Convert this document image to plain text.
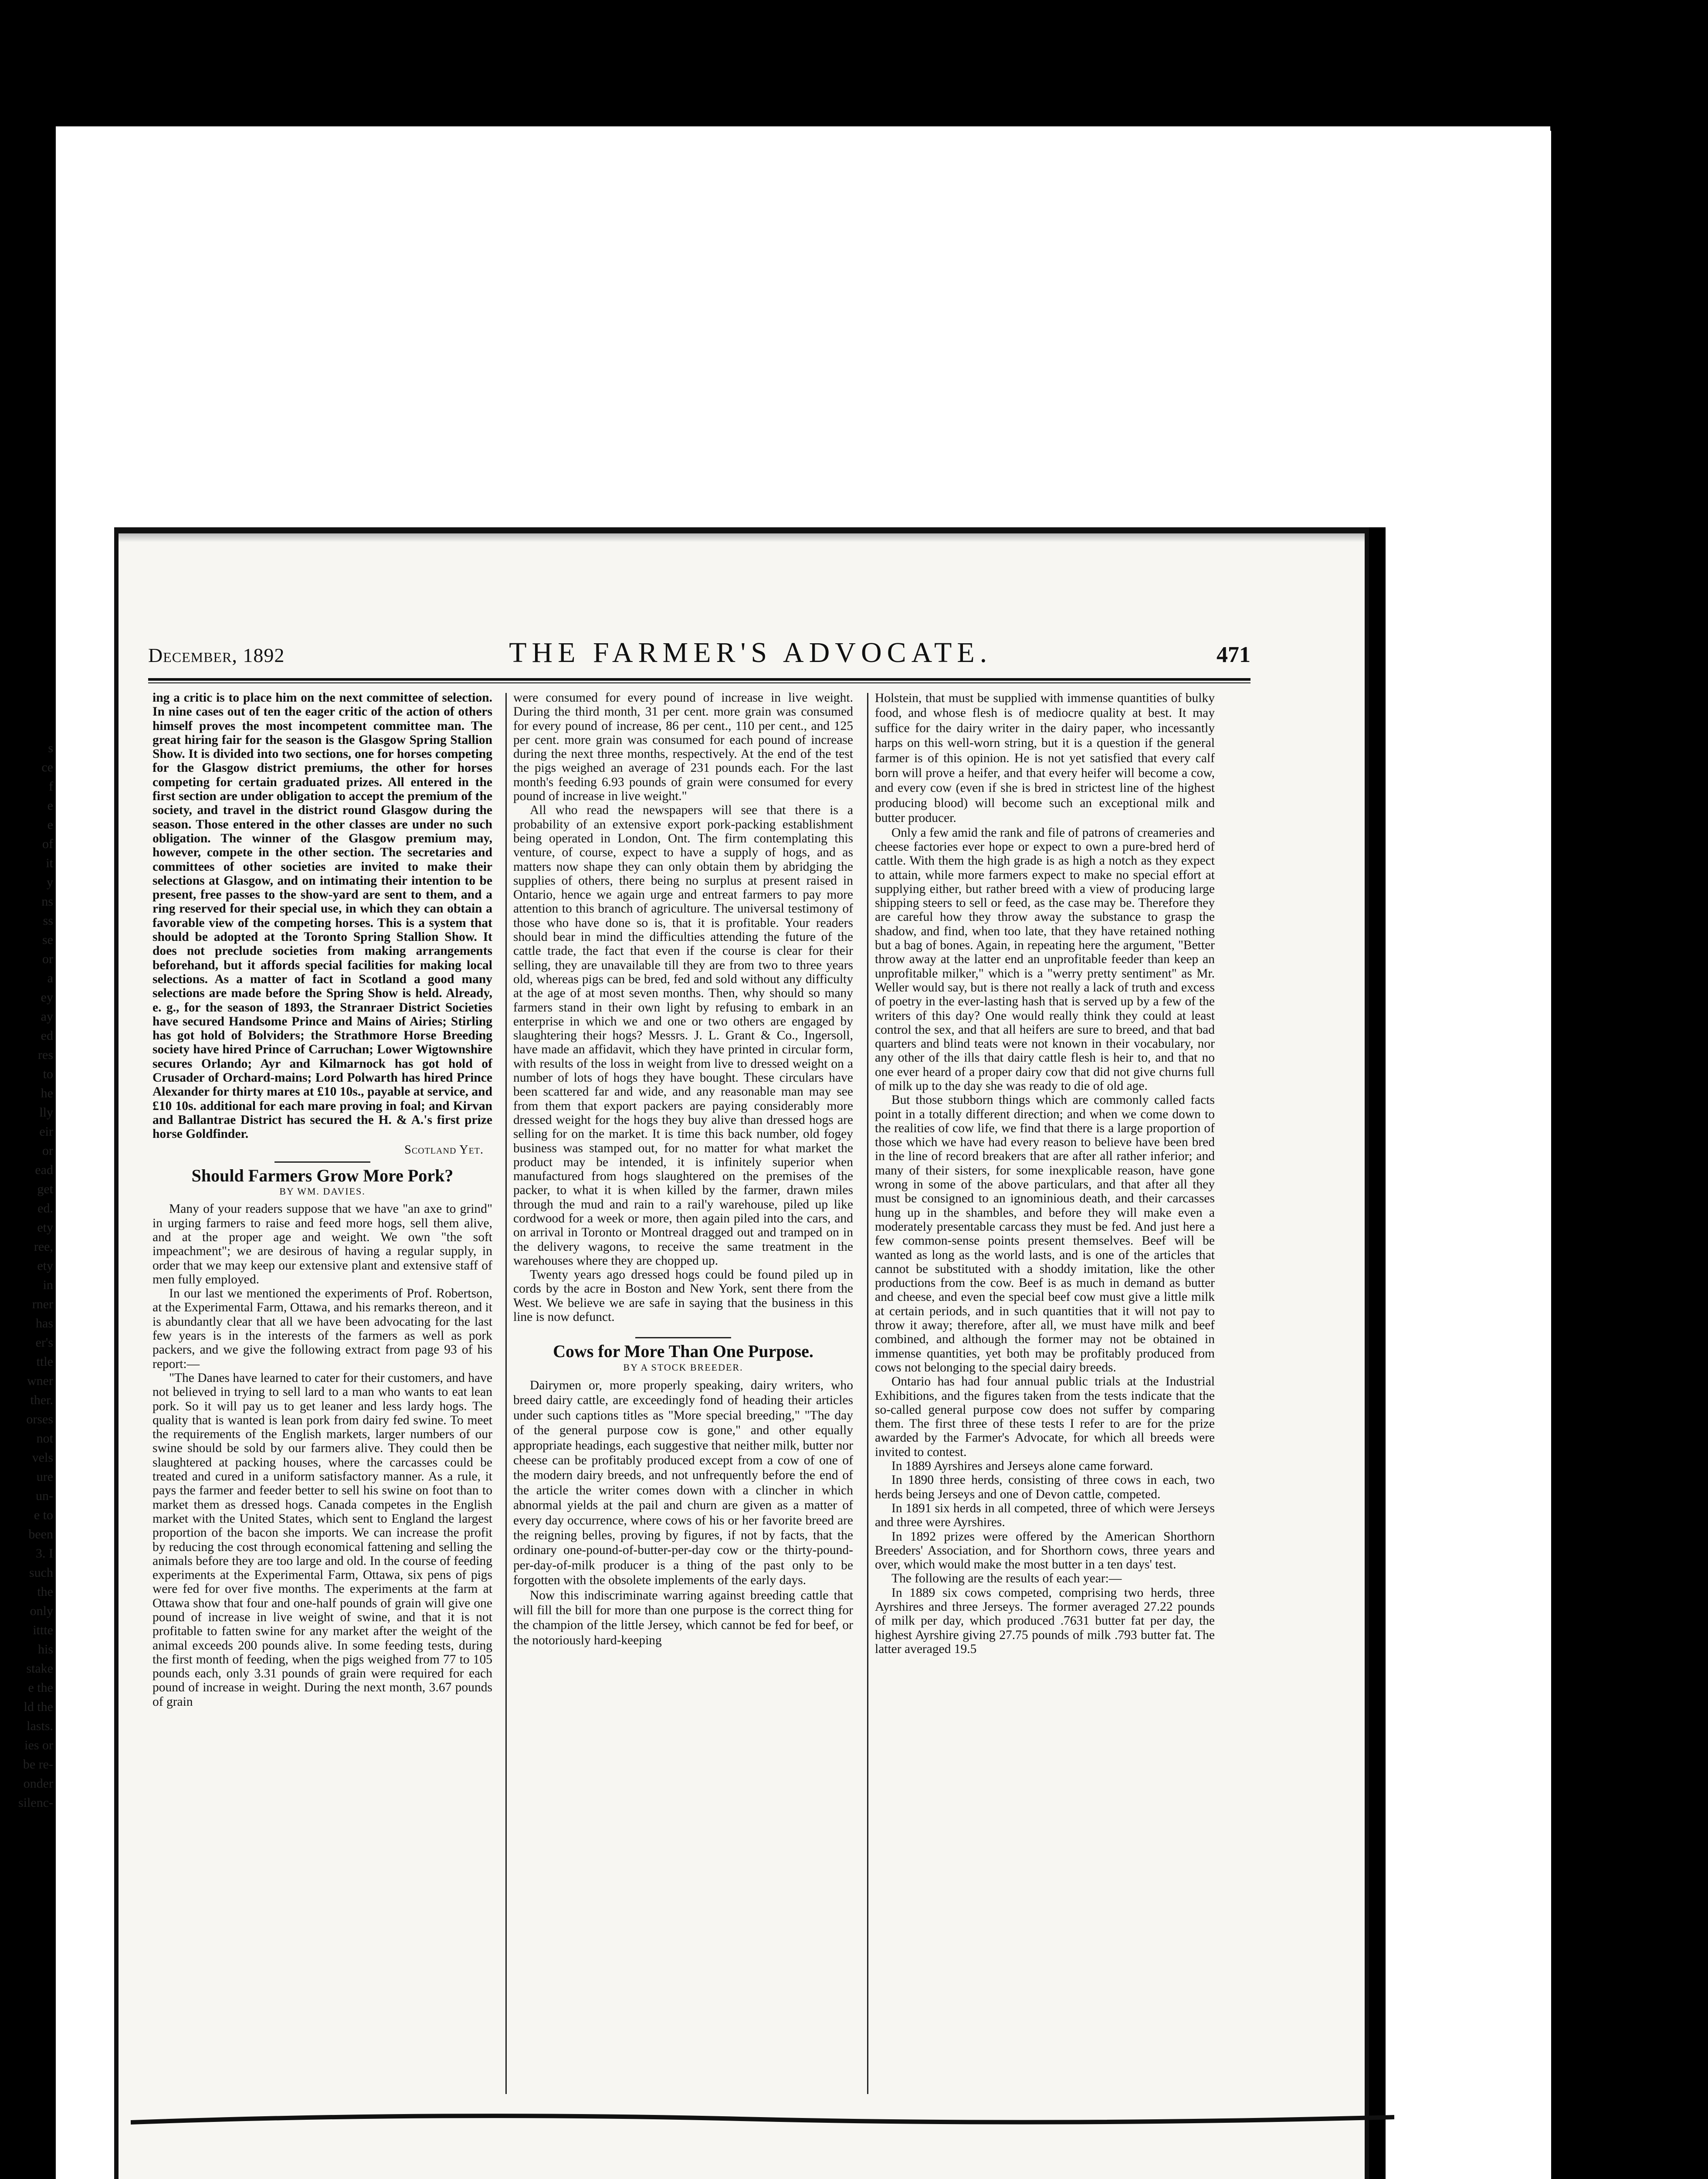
s
ce
f
e
e
of
it
y
ns
ss
se
or
a
ey
ay
ed
res
to
he
lly
eir
or
ead
get
ed.
ety
ree,
ety
in
rner
has
er's
ttle
wner
ther.
orses
not
vels
ure
un-
e to
been
3. I
such
the
only
ittte
his
stake
e the
ld the
lasts.
ies or
be re-
onder
silenc-
December, 1892	THE FARMER'S ADVOCATE.	471

ing a critic is to place him on the next committee of selection. In nine cases out of ten the eager critic of the action of others himself proves the most incompetent committee man. The great hiring fair for the season is the Glasgow Spring Stallion Show. It is divided into two sections, one for horses competing for the Glasgow district premiums, the other for horses competing for certain graduated prizes. All entered in the first section are under obligation to accept the premium of the society, and travel in the district round Glasgow during the season. Those entered in the other classes are under no such obligation. The winner of the Glasgow premium may, however, compete in the other section. The secretaries and committees of other societies are invited to make their selections at Glasgow, and on intimating their intention to be present, free passes to the show-yard are sent to them, and a ring reserved for their special use, in which they can obtain a favorable view of the competing horses. This is a system that should be adopted at the Toronto Spring Stallion Show. It does not preclude societies from making arrangements beforehand, but it affords special facilities for making local selections. As a matter of fact in Scotland a good many selections are made before the Spring Show is held. Already, e. g., for the season of 1893, the Stranraer District Societies have secured Handsome Prince and Mains of Airies; Stirling has got hold of Bolviders; the Strathmore Horse Breeding society have hired Prince of Carruchan; Lower Wigtownshire secures Orlando; Ayr and Kilmarnock has got hold of Crusader of Orchard-mains; Lord Polwarth has hired Prince Alexander for thirty mares at £10 10s., payable at service, and £10 10s. additional for each mare proving in foal; and Kirvan and Ballantrae District has secured the H. & A.'s first prize horse Goldfinder.

Scotland Yet.
Should Farmers Grow More Pork?
BY WM. DAVIES.

Many of your readers suppose that we have "an axe to grind" in urging farmers to raise and feed more hogs, sell them alive, and at the proper age and weight. We own "the soft impeachment"; we are desirous of having a regular supply, in order that we may keep our extensive plant and extensive staff of men fully employed.

In our last we mentioned the experiments of Prof. Robertson, at the Experimental Farm, Ottawa, and his remarks thereon, and it is abundantly clear that all we have been advocating for the last few years is in the interests of the farmers as well as pork packers, and we give the following extract from page 93 of his report:—

"The Danes have learned to cater for their customers, and have not believed in trying to sell lard to a man who wants to eat lean pork. So it will pay us to get leaner and less lardy hogs. The quality that is wanted is lean pork from dairy fed swine. To meet the requirements of the English markets, larger numbers of our swine should be sold by our farmers alive. They could then be slaughtered at packing houses, where the carcasses could be treated and cured in a uniform satisfactory manner. As a rule, it pays the farmer and feeder better to sell his swine on foot than to market them as dressed hogs. Canada competes in the English market with the United States, which sent to England the largest proportion of the bacon she imports. We can increase the profit by reducing the cost through economical fattening and selling the animals before they are too large and old. In the course of feeding experiments at the Experimental Farm, Ottawa, six pens of pigs were fed for over five months. The experiments at the farm at Ottawa show that four and one-half pounds of grain will give one pound of increase in live weight of swine, and that it is not profitable to fatten swine for any market after the weight of the animal exceeds 200 pounds alive. In some feeding tests, during the first month of feeding, when the pigs weighed from 77 to 105 pounds each, only 3.31 pounds of grain were required for each pound of increase in weight. During the next month, 3.67 pounds of grain

were consumed for every pound of increase in live weight. During the third month, 31 per cent. more grain was consumed for every pound of increase, 86 per cent., 110 per cent., and 125 per cent. more grain was consumed for each pound of increase during the next three months, respectively. At the end of the test the pigs weighed an average of 231 pounds each. For the last month's feeding 6.93 pounds of grain were consumed for every pound of increase in live weight."

All who read the newspapers will see that there is a probability of an extensive export pork-packing establishment being operated in London, Ont. The firm contemplating this venture, of course, expect to have a supply of hogs, and as matters now shape they can only obtain them by abridging the supplies of others, there being no surplus at present raised in Ontario, hence we again urge and entreat farmers to pay more attention to this branch of agriculture. The universal testimony of those who have done so is, that it is profitable. Your readers should bear in mind the difficulties attending the future of the cattle trade, the fact that even if the course is clear for their selling, they are unavailable till they are from two to three years old, whereas pigs can be bred, fed and sold without any difficulty at the age of at most seven months. Then, why should so many farmers stand in their own light by refusing to embark in an enterprise in which we and one or two others are engaged by slaughtering their hogs? Messrs. J. L. Grant & Co., Ingersoll, have made an affidavit, which they have printed in circular form, with results of the loss in weight from live to dressed weight on a number of lots of hogs they have bought. These circulars have been scattered far and wide, and any reasonable man may see from them that export packers are paying considerably more dressed weight for the hogs they buy alive than dressed hogs are selling for on the market. It is time this back number, old fogey business was stamped out, for no matter for what market the product may be intended, it is infinitely superior when manufactured from hogs slaughtered on the premises of the packer, to what it is when killed by the farmer, drawn miles through the mud and rain to a rail'y warehouse, piled up like cordwood for a week or more, then again piled into the cars, and on arrival in Toronto or Montreal dragged out and tramped on in the delivery wagons, to receive the same treatment in the warehouses where they are chopped up.

Twenty years ago dressed hogs could be found piled up in cords by the acre in Boston and New York, sent there from the West. We believe we are safe in saying that the business in this line is now defunct.

Cows for More Than One Purpose.
BY A STOCK BREEDER.

Dairymen or, more properly speaking, dairy writers, who breed dairy cattle, are exceedingly fond of heading their articles under such captions titles as "More special breeding," "The day of the general purpose cow is gone," and other equally appropriate headings, each suggestive that neither milk, butter nor cheese can be profitably produced except from a cow of one of the modern dairy breeds, and not unfrequently before the end of the article the writer comes down with a clincher in which abnormal yields at the pail and churn are given as a matter of every day occurrence, where cows of his or her favorite breed are the reigning belles, proving by figures, if not by facts, that the ordinary one-pound-of-butter-per-day cow or the thirty-pound-per-day-of-milk producer is a thing of the past only to be forgotten with the obsolete implements of the early days.

Now this indiscriminate warring against breeding cattle that will fill the bill for more than one purpose is the correct thing for the champion of the little Jersey, which cannot be fed for beef, or the notoriously hard-keeping

Holstein, that must be supplied with immense quantities of bulky food, and whose flesh is of mediocre quality at best. It may suffice for the dairy writer in the dairy paper, who incessantly harps on this well-worn string, but it is a question if the general farmer is of this opinion. He is not yet satisfied that every calf born will prove a heifer, and that every heifer will become a cow, and every cow (even if she is bred in strictest line of the highest producing blood) will become such an exceptional milk and butter producer.

Only a few amid the rank and file of patrons of creameries and cheese factories ever hope or expect to own a pure-bred herd of cattle. With them the high grade is as high a notch as they expect to attain, while more farmers expect to make no special effort at supplying either, but rather breed with a view of producing large shipping steers to sell or feed, as the case may be. Therefore they are careful how they throw away the substance to grasp the shadow, and find, when too late, that they have retained nothing but a bag of bones. Again, in repeating here the argument, "Better throw away at the latter end an unprofitable feeder than keep an unprofitable milker," which is a "werry pretty sentiment" as Mr. Weller would say, but is there not really a lack of truth and excess of poetry in the ever-lasting hash that is served up by a few of the writers of this day? One would really think they could at least control the sex, and that all heifers are sure to breed, and that bad quarters and blind teats were not known in their vocabulary, nor any other of the ills that dairy cattle flesh is heir to, and that no one ever heard of a proper dairy cow that did not give churns full of milk up to the day she was ready to die of old age.

But those stubborn things which are commonly called facts point in a totally different direction; and when we come down to the realities of cow life, we find that there is a large proportion of those which we have had every reason to believe have been bred in the line of record breakers that are after all rather inferior; and many of their sisters, for some inexplicable reason, have gone wrong in some of the above particulars, and that after all they must be consigned to an ignominious death, and their carcasses hung up in the shambles, and before they will make even a moderately presentable carcass they must be fed. And just here a few common-sense points present themselves. Beef will be wanted as long as the world lasts, and is one of the articles that cannot be substituted with a shoddy imitation, like the other productions from the cow. Beef is as much in demand as butter and cheese, and even the special beef cow must give a little milk at certain periods, and in such quantities that it will not pay to throw it away; therefore, after all, we must have milk and beef combined, and although the former may not be obtained in immense quantities, yet both may be profitably produced from cows not belonging to the special dairy breeds.

Ontario has had four annual public trials at the Industrial Exhibitions, and the figures taken from the tests indicate that the so-called general purpose cow does not suffer by comparing them. The first three of these tests I refer to are for the prize awarded by the Farmer's Advocate, for which all breeds were invited to contest.

In 1889 Ayrshires and Jerseys alone came forward.

In 1890 three herds, consisting of three cows in each, two herds being Jerseys and one of Devon cattle, competed.

In 1891 six herds in all competed, three of which were Jerseys and three were Ayrshires.

In 1892 prizes were offered by the American Shorthorn Breeders' Association, and for Shorthorn cows, three years and over, which would make the most butter in a ten days' test.

The following are the results of each year:—

In 1889 six cows competed, comprising two herds, three Ayrshires and three Jerseys. The former averaged 27.22 pounds of milk per day, which produced .7631 butter fat per day, the highest Ayrshire giving 27.75 pounds of milk .793 butter fat. The latter averaged 19.5
